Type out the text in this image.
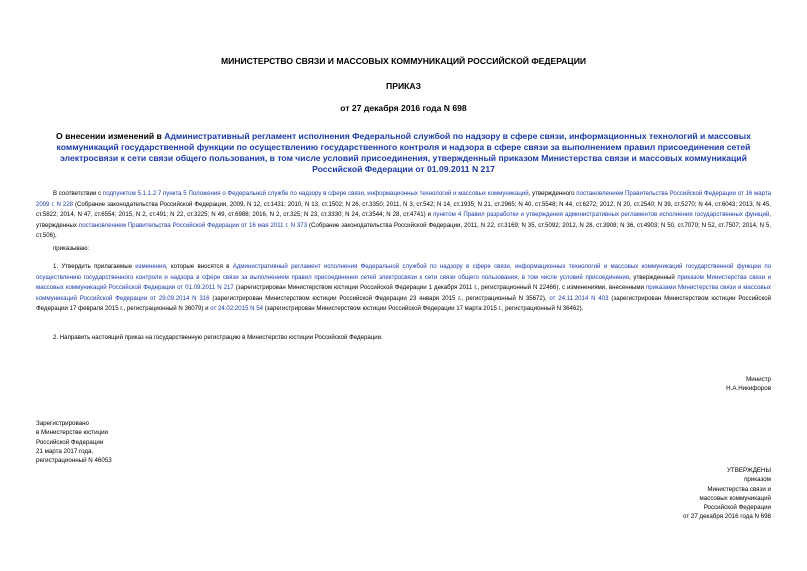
МИНИСТЕРСТВО СВЯЗИ И МАССОВЫХ КОММУНИКАЦИЙ РОССИЙСКОЙ ФЕДЕРАЦИИ
ПРИКАЗ
от 27 декабря 2016 года N 698
О внесении изменений в Административный регламент исполнения Федеральной службой по надзору в сфере связи, информационных технологий и массовых коммуникаций государственной функции по осуществлению государственного контроля и надзора в сфере связи за выполнением правил присоединения сетей электросвязи к сети связи общего пользования, в том числе условий присоединения, утвержденный приказом Министерства связи и массовых коммуникаций Российской Федерации от 01.09.2011 N 217
В соответствии с подпунктом 5.1.1.2.7 пункта 5 Положения о Федеральной службе по надзору в сфере связи, информационных технологий и массовых коммуникаций, утвержденного постановлением Правительства Российской Федерации от 16 марта 2009 г. N 228 (Собрание законодательства Российской Федерации, 2009, N 12, ст.1431; 2010, N 13, ст.1502; N 26, ст.3350; 2011, N 3, ст.542; N 14, ст.1935; N 21, ст.2965; N 40, ст.5548; N 44, ст.6272; 2012, N 20, ст.2540; N 39, ст.5270; N 44, ст.6043; 2013, N 45, ст.5822; 2014, N 47, ст.6554; 2015, N 2, ст.491; N 22, ст.3225; N 49, ст.6988; 2016, N 2, ст.325; N 23, ст.3330; N 24, ст.3544; N 28, ст.4741) и пунктом 4 Правил разработки и утверждения административных регламентов исполнения государственных функций, утвержденных постановлением Правительства Российской Федерации от 16 мая 2011 г. N 373 (Собрание законодательства Российской Федерации, 2011, N 22, ст.3169; N 35, ст.5092; 2012, N 28, ст.3908; N 36, ст.4903; N 50, ст.7070; N 52, ст.7507; 2014, N 5, ст.506),
приказываю:
1. Утвердить прилагаемые изменения, которые вносятся в Административный регламент исполнения Федеральной службой по надзору в сфере связи, информационных технологий и массовых коммуникаций государственной функции по осуществлению государственного контроля и надзора в сфере связи за выполнением правил присоединения сетей электросвязи к сети связи общего пользования, в том числе условий присоединения, утвержденный приказом Министерства связи и массовых коммуникаций Российской Федерации от 01.09.2011 N 217 (зарегистрирован Министерством юстиции Российской Федерации 1 декабря 2011 г., регистрационный N 22466), с изменениями, внесенными приказами Министерства связи и массовых коммуникаций Российской Федерации от 29.09.2014 N 316 (зарегистрирован Министерством юстиции Российской Федерации 23 января 2015 г., регистрационный N 35672), от 24.11.2014 N 403 (зарегистрирован Министерством юстиции Российской Федерации 17 февраля 2015 г., регистрационный N 36079) и от 24.02.2015 N 54 (зарегистрирован Министерством юстиции Российской Федерации 17 марта 2015 г., регистрационный N 36462).
2. Направить настоящий приказ на государственную регистрацию в Министерство юстиции Российской Федерации.
Министр
Н.А.Никифоров
Зарегистрировано
в Министерстве юстиции
Российской Федерации
21 марта 2017 года,
регистрационный N 46053
УТВЕРЖДЕНЫ
приказом
Министерства связи и
массовых коммуникаций
Российской Федерации
от 27 декабря 2016 года N 698
